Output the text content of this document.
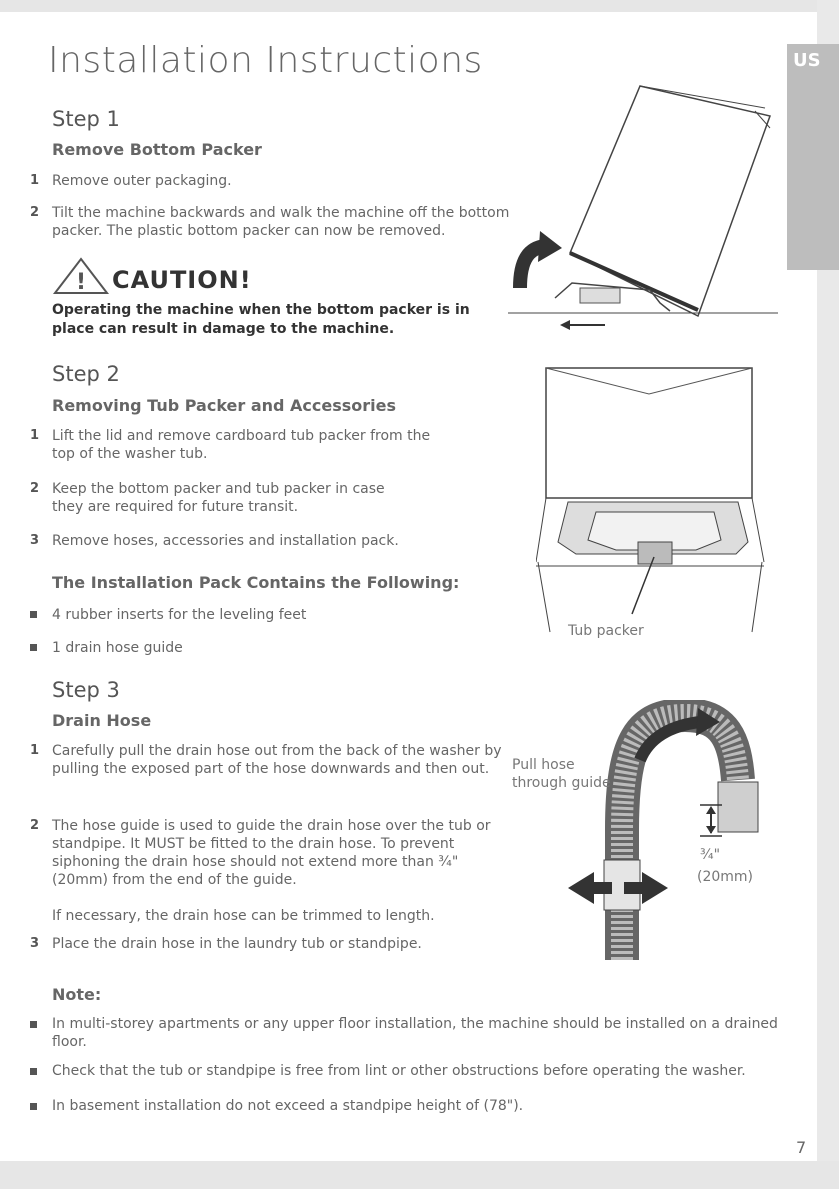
US
Installation Instructions
Step 1
Remove Bottom Packer
1 Remove outer packaging.
2 Tilt the machine backwards and walk the machine off the bottom packer. The plastic bottom packer can now be removed.
! CAUTION!
Operating the machine when the bottom packer is in place can result in damage to the machine.
Step 2
Removing Tub Packer and Accessories
1 Lift the lid and remove cardboard tub packer from the top of the washer tub.
2 Keep the bottom packer and tub packer in case they are required for future transit.
3 Remove hoses, accessories and installation pack.
The Installation Pack Contains the Following:
4 rubber inserts for the leveling feet
1 drain hose guide
Tub packer
Step 3
Drain Hose
1 Carefully pull the drain hose out from the back of the washer by pulling the exposed part of the hose downwards and then out.
2 The hose guide is used to guide the drain hose over the tub or standpipe. It MUST be fitted to the drain hose. To prevent siphoning the drain hose should not extend more than ¾" (20mm) from the end of the guide.
If necessary, the drain hose can be trimmed to length.
3 Place the drain hose in the laundry tub or standpipe.
Pull hose
through guide
¾"
(20mm)
Note:
In multi-storey apartments or any upper floor installation, the machine should be installed on a drained floor.
Check that the tub or standpipe is free from lint or other obstructions before operating the washer.
In basement installation do not exceed a standpipe height of (78").
7
